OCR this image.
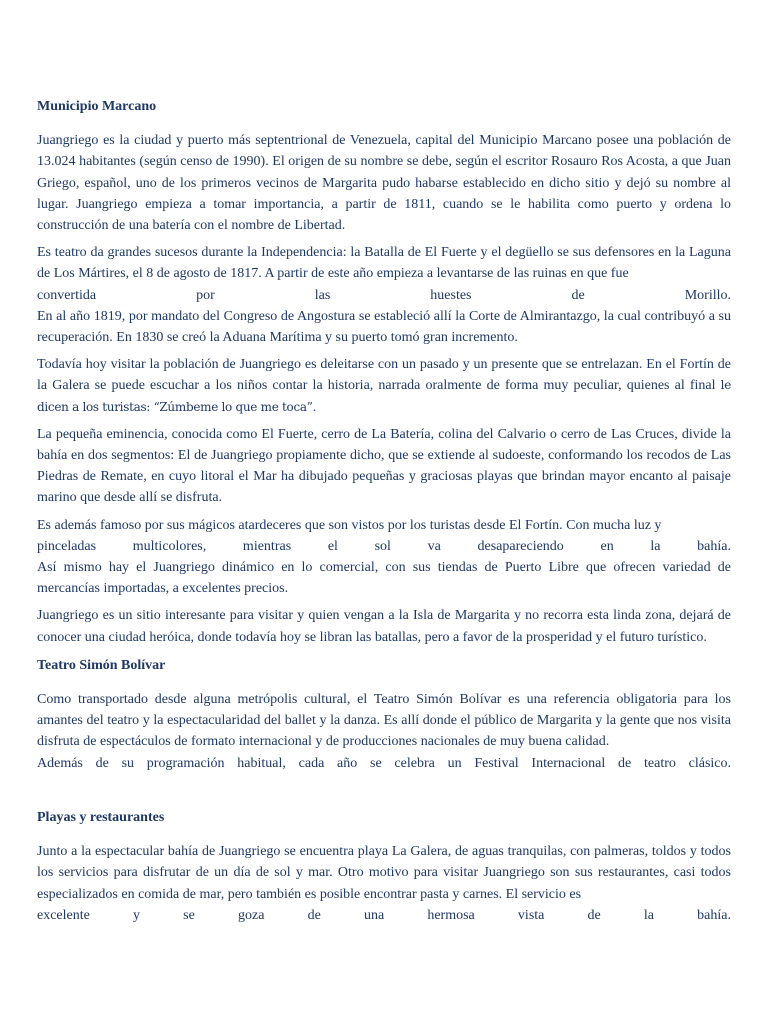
Municipio Marcano

Juangriego es la ciudad y puerto más septentrional de Venezuela, capital del Municipio Marcano posee una población de 13.024 habitantes (según censo de 1990). El origen de su nombre se debe, según el escritor Rosauro Ros Acosta, a que Juan Griego, español, uno de los primeros vecinos de Margarita pudo habarse establecido en dicho sitio y dejó su nombre al lugar. Juangriego empieza a tomar importancia, a partir de 1811, cuando se le habilita como puerto y ordena lo construcción de una batería con el nombre de Libertad.

Es teatro da grandes sucesos durante la Independencia: la Batalla de El Fuerte y el degüello se sus defensores en la Laguna de Los Mártires, el 8 de agosto de 1817. A partir de este año empieza a levantarse de las ruinas en que fue
convertida por las huestes de Morillo.
En al año 1819, por mandato del Congreso de Angostura se estableció allí la Corte de Almirantazgo, la cual contribuyó a su recuperación. En 1830 se creó la Aduana Marítima y su puerto tomó gran incremento.

Todavía hoy visitar la población de Juangriego es deleitarse con un pasado y un presente que se entrelazan. En el Fortín de la Galera se puede escuchar a los niños contar la historia, narrada oralmente de forma muy peculiar, quienes al final le dicen a los turistas: “Zúmbeme lo que me toca”.

La pequeña eminencia, conocida como El Fuerte, cerro de La Batería, colina del Calvario o cerro de Las Cruces, divide la bahía en dos segmentos: El de Juangriego propiamente dicho, que se extiende al sudoeste, conformando los recodos de Las Piedras de Remate, en cuyo litoral el Mar ha dibujado pequeñas y graciosas playas que brindan mayor encanto al paisaje marino que desde allí se disfruta.

Es además famoso por sus mágicos atardeceres que son vistos por los turistas desde El Fortín. Con mucha luz y
pinceladas multicolores, mientras el sol va desapareciendo en la bahía.
Así mismo hay el Juangriego dinámico en lo comercial, con sus tiendas de Puerto Libre que ofrecen variedad de mercancías importadas, a excelentes precios.

Juangriego es un sitio interesante para visitar y quien vengan a la Isla de Margarita y no recorra esta linda zona, dejará de conocer una ciudad heróica, donde todavía hoy se libran las batallas, pero a favor de la prosperidad y el futuro turístico.

Teatro Simón Bolívar

Como transportado desde alguna metrópolis cultural, el Teatro Simón Bolívar es una referencia obligatoria para los amantes del teatro y la espectacularidad del ballet y la danza. Es allí donde el público de Margarita y la gente que nos visita disfruta de espectáculos de formato internacional y de producciones nacionales de muy buena calidad.
Además de su programación habitual, cada año se celebra un Festival Internacional de teatro clásico.

Playas y restaurantes

Junto a la espectacular bahía de Juangriego se encuentra playa La Galera, de aguas tranquilas, con palmeras, toldos y todos los servicios para disfrutar de un día de sol y mar. Otro motivo para visitar Juangriego son sus restaurantes, casi todos especializados en comida de mar, pero también es posible encontrar pasta y carnes. El servicio es
excelente y se goza de una hermosa vista de la bahía.
